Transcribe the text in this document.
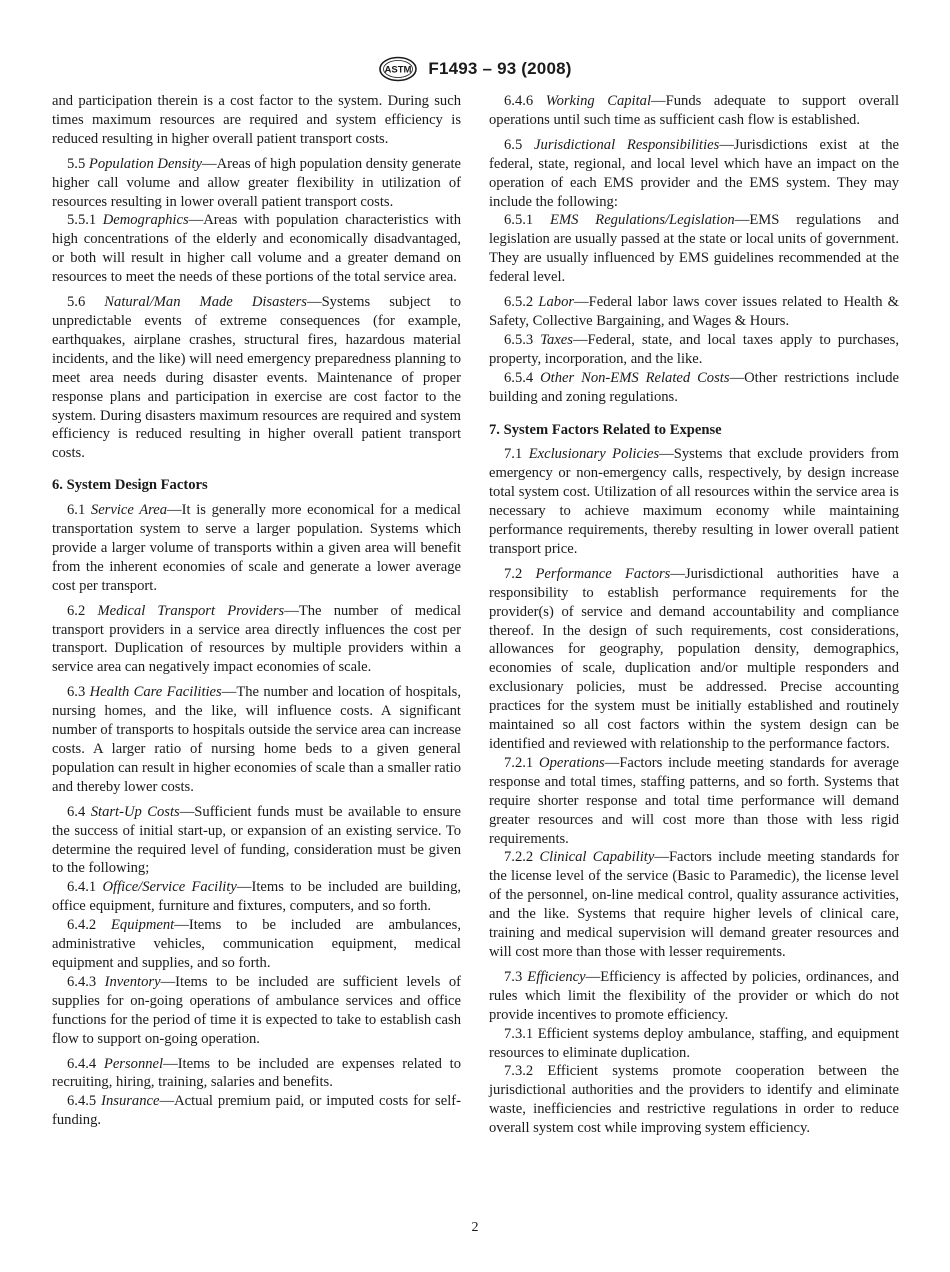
ASTM F1493 – 93 (2008)

and participation therein is a cost factor to the system. During such times maximum resources are required and system efficiency is reduced resulting in higher overall patient transport costs.

5.5 Population Density—Areas of high population density generate higher call volume and allow greater flexibility in utilization of resources resulting in lower overall patient transport costs.

5.5.1 Demographics—Areas with population characteristics with high concentrations of the elderly and economically disadvantaged, or both will result in higher call volume and a greater demand on resources to meet the needs of these portions of the total service area.

5.6 Natural/Man Made Disasters—Systems subject to unpredictable events of extreme consequences (for example, earthquakes, airplane crashes, structural fires, hazardous material incidents, and the like) will need emergency preparedness planning to meet area needs during disaster events. Maintenance of proper response plans and participation in exercise are cost factor to the system. During disasters maximum resources are required and system efficiency is reduced resulting in higher overall patient transport costs.

6. System Design Factors

6.1 Service Area—It is generally more economical for a medical transportation system to serve a larger population. Systems which provide a larger volume of transports within a given area will benefit from the inherent economies of scale and generate a lower average cost per transport.

6.2 Medical Transport Providers—The number of medical transport providers in a service area directly influences the cost per transport. Duplication of resources by multiple providers within a service area can negatively impact economies of scale.

6.3 Health Care Facilities—The number and location of hospitals, nursing homes, and the like, will influence costs. A significant number of transports to hospitals outside the service area can increase costs. A larger ratio of nursing home beds to a given general population can result in higher economies of scale than a smaller ratio and thereby lower costs.

6.4 Start-Up Costs—Sufficient funds must be available to ensure the success of initial start-up, or expansion of an existing service. To determine the required level of funding, consideration must be given to the following;

6.4.1 Office/Service Facility—Items to be included are building, office equipment, furniture and fixtures, computers, and so forth.

6.4.2 Equipment—Items to be included are ambulances, administrative vehicles, communication equipment, medical equipment and supplies, and so forth.

6.4.3 Inventory—Items to be included are sufficient levels of supplies for on-going operations of ambulance services and office functions for the period of time it is expected to take to establish cash flow to support on-going operation.

6.4.4 Personnel—Items to be included are expenses related to recruiting, hiring, training, salaries and benefits.

6.4.5 Insurance—Actual premium paid, or imputed costs for self-funding.

6.4.6 Working Capital—Funds adequate to support overall operations until such time as sufficient cash flow is established.

6.5 Jurisdictional Responsibilities—Jurisdictions exist at the federal, state, regional, and local level which have an impact on the operation of each EMS provider and the EMS system. They may include the following:

6.5.1 EMS Regulations/Legislation—EMS regulations and legislation are usually passed at the state or local units of government. They are usually influenced by EMS guidelines recommended at the federal level.

6.5.2 Labor—Federal labor laws cover issues related to Health & Safety, Collective Bargaining, and Wages & Hours.

6.5.3 Taxes—Federal, state, and local taxes apply to purchases, property, incorporation, and the like.

6.5.4 Other Non-EMS Related Costs—Other restrictions include building and zoning regulations.

7. System Factors Related to Expense

7.1 Exclusionary Policies—Systems that exclude providers from emergency or non-emergency calls, respectively, by design increase total system cost. Utilization of all resources within the service area is necessary to achieve maximum economy while maintaining performance requirements, thereby resulting in lower overall patient transport price.

7.2 Performance Factors—Jurisdictional authorities have a responsibility to establish performance requirements for the provider(s) of service and demand accountability and compliance thereof. In the design of such requirements, cost considerations, allowances for geography, population density, demographics, economies of scale, duplication and/or multiple responders and exclusionary policies, must be addressed. Precise accounting practices for the system must be initially established and routinely maintained so all cost factors within the system design can be identified and reviewed with relationship to the performance factors.

7.2.1 Operations—Factors include meeting standards for average response and total times, staffing patterns, and so forth. Systems that require shorter response and total time performance will demand greater resources and will cost more than those with less rigid requirements.

7.2.2 Clinical Capability—Factors include meeting standards for the license level of the service (Basic to Paramedic), the license level of the personnel, on-line medical control, quality assurance activities, and the like. Systems that require higher levels of clinical care, training and medical supervision will demand greater resources and will cost more than those with lesser requirements.

7.3 Efficiency—Efficiency is affected by policies, ordinances, and rules which limit the flexibility of the provider or which do not provide incentives to promote efficiency.

7.3.1 Efficient systems deploy ambulance, staffing, and equipment resources to eliminate duplication.

7.3.2 Efficient systems promote cooperation between the jurisdictional authorities and the providers to identify and eliminate waste, inefficiencies and restrictive regulations in order to reduce overall system cost while improving system efficiency.

2
